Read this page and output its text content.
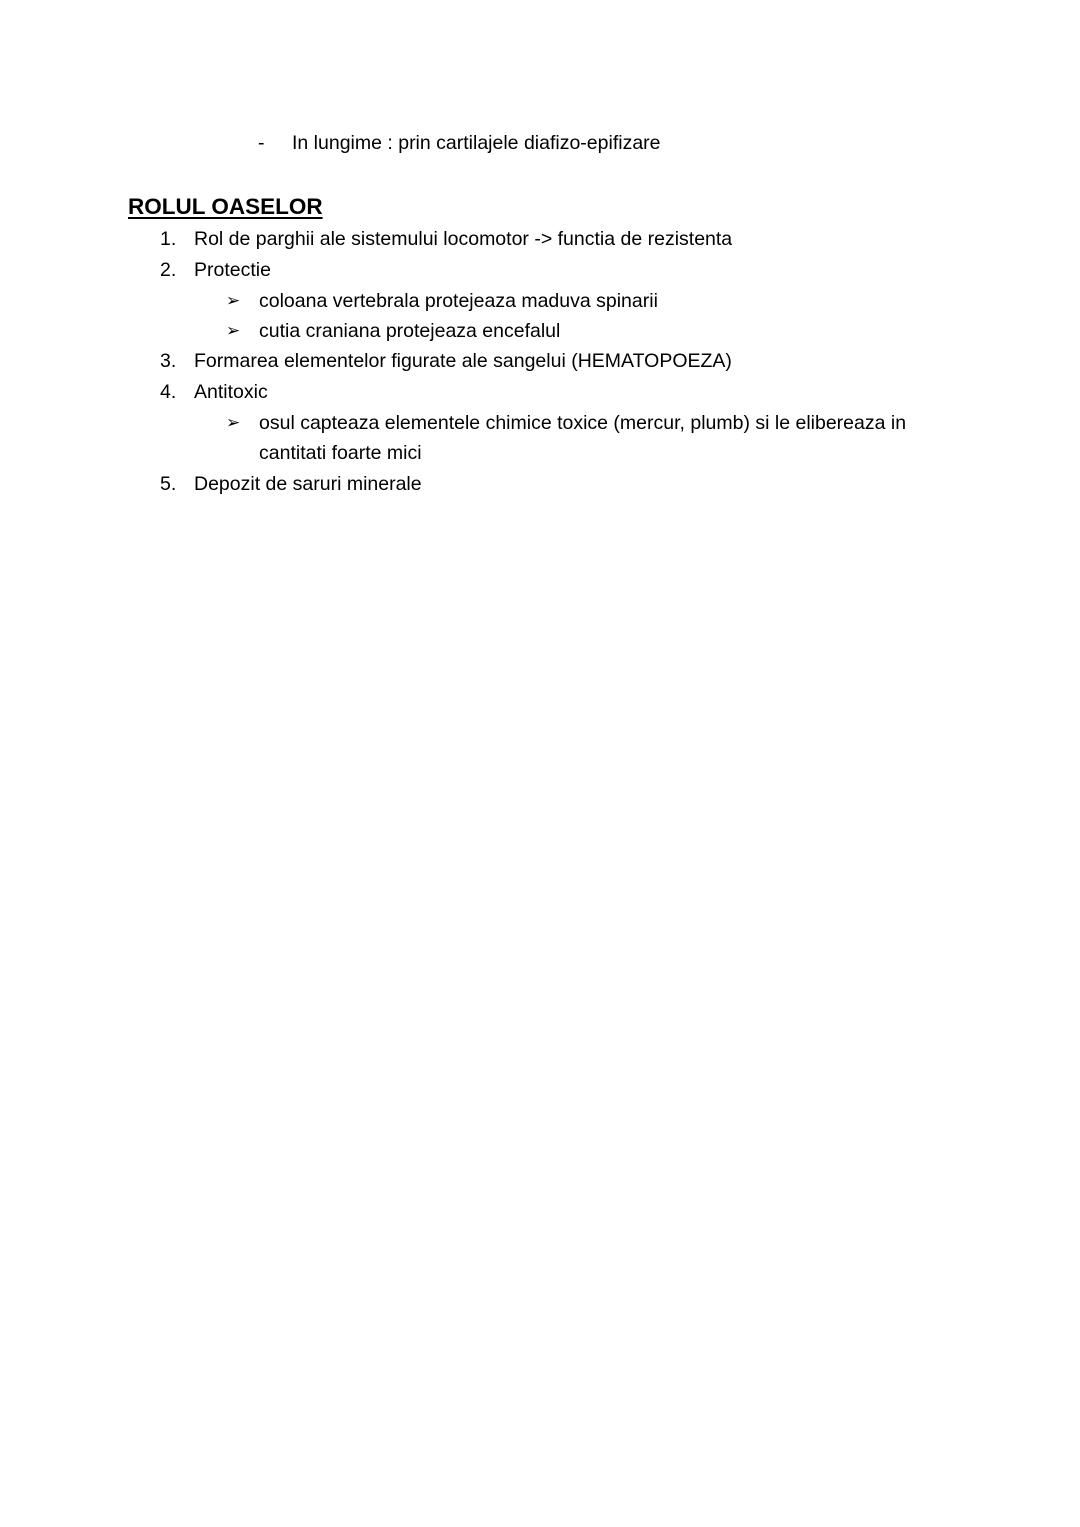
- In lungime : prin cartilajele diafizo-epifizare
ROLUL OASELOR
1. Rol de parghii ale sistemului locomotor -> functia de rezistenta
2. Protectie
➢ coloana vertebrala protejeaza maduva spinarii
➢ cutia craniana protejeaza encefalul
3. Formarea elementelor figurate ale sangelui (HEMATOPOEZA)
4. Antitoxic
➢ osul capteaza elementele chimice toxice (mercur, plumb) si le elibereaza in
cantitati foarte mici
5. Depozit de saruri minerale
